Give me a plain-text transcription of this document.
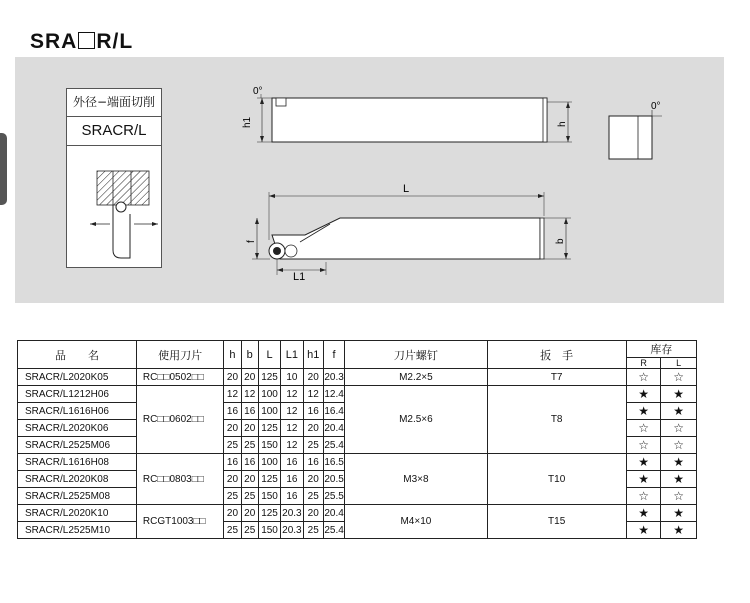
SRA R/L
外径−端面切削
SRACR/L
0°
h1	h
0°
L
f	b
L1
品　　名	使用刀片	h	b	L	L1	h1	f	刀片螺钉	扳　手	库存	
										R	L
SRACR/L2020K05	RC□□0502□□	20	20	125	10	20	20.3	M2.2×5	T7	☆	☆
SRACR/L1212H06	RC□□0602□□	12	12	100	12	12	12.4	M2.5×6	T8	★	★
SRACR/L1616H06		16	16	100	12	16	16.4			★	★
SRACR/L2020K06		20	20	125	12	20	20.4			☆	☆
SRACR/L2525M06		25	25	150	12	25	25.4			☆	☆
SRACR/L1616H08	RC□□0803□□	16	16	100	16	16	16.5	M3×8	T10	★	★
SRACR/L2020K08		20	20	125	16	20	20.5			★	★
SRACR/L2525M08		25	25	150	16	25	25.5			☆	☆
SRACR/L2020K10	RCGT1003□□	20	20	125	20.3	20	20.4	M4×10	T15	★	★
SRACR/L2525M10		25	25	150	20.3	25	25.4			★	★
